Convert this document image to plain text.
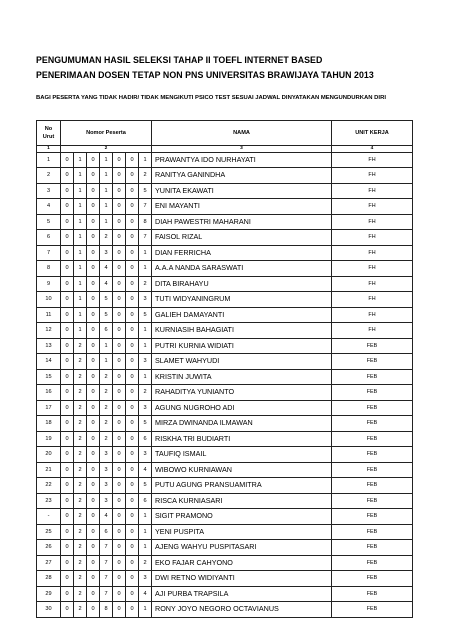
PENGUMUMAN HASIL SELEKSI TAHAP II TOEFL INTERNET BASED
PENERIMAAN DOSEN TETAP NON PNS UNIVERSITAS BRAWIJAYA TAHUN 2013
BAGI PESERTA YANG TIDAK HADIR/ TIDAK MENGIKUTI PSICO TEST SESUAI JADWAL DINYATAKAN MENGUNDURKAN DIRI
No
Urut	Nomor Peserta							NAMA	UNIT KERJA
1	2							3	4
1	0	1	0	1	0	0	1	PRAWANTYA IDO NURHAYATI	FH
2	0	1	0	1	0	0	2	RANITYA GANINDHA	FH
3	0	1	0	1	0	0	5	YUNITA EKAWATI	FH
4	0	1	0	1	0	0	7	ENI MAYANTI	FH
5	0	1	0	1	0	0	8	DIAH PAWESTRI MAHARANI	FH
6	0	1	0	2	0	0	7	FAISOL RIZAL	FH
7	0	1	0	3	0	0	1	DIAN FERRICHA	FH
8	0	1	0	4	0	0	1	A.A.A NANDA SARASWATI	FH
9	0	1	0	4	0	0	2	DITA BIRAHAYU	FH
10	0	1	0	5	0	0	3	TUTI WIDYANINGRUM	FH
11	0	1	0	5	0	0	5	GALIEH DAMAYANTI	FH
12	0	1	0	6	0	0	1	KURNIASIH BAHAGIATI	FH
13	0	2	0	1	0	0	1	PUTRI KURNIA WIDIATI	FEB
14	0	2	0	1	0	0	3	SLAMET WAHYUDI	FEB
15	0	2	0	2	0	0	1	KRISTIN JUWITA	FEB
16	0	2	0	2	0	0	2	RAHADITYA YUNIANTO	FEB
17	0	2	0	2	0	0	3	AGUNG NUGROHO ADI	FEB
18	0	2	0	2	0	0	5	MIRZA DWINANDA ILMAWAN	FEB
19	0	2	0	2	0	0	6	RISKHA TRI BUDIARTI	FEB
20	0	2	0	3	0	0	3	TAUFIQ ISMAIL	FEB
21	0	2	0	3	0	0	4	WIBOWO KURNIAWAN	FEB
22	0	2	0	3	0	0	5	PUTU AGUNG PRANSUAMITRA	FEB
23	0	2	0	3	0	0	6	RISCA KURNIASARI	FEB
-	0	2	0	4	0	0	1	SIGIT PRAMONO	FEB
25	0	2	0	6	0	0	1	YENI PUSPITA	FEB
26	0	2	0	7	0	0	1	AJENG WAHYU PUSPITASARI	FEB
27	0	2	0	7	0	0	2	EKO FAJAR CAHYONO	FEB
28	0	2	0	7	0	0	3	DWI RETNO WIDIYANTI	FEB
29	0	2	0	7	0	0	4	AJI PURBA TRAPSILA	FEB
30	0	2	0	8	0	0	1	RONY JOYO NEGORO OCTAVIANUS	FEB
